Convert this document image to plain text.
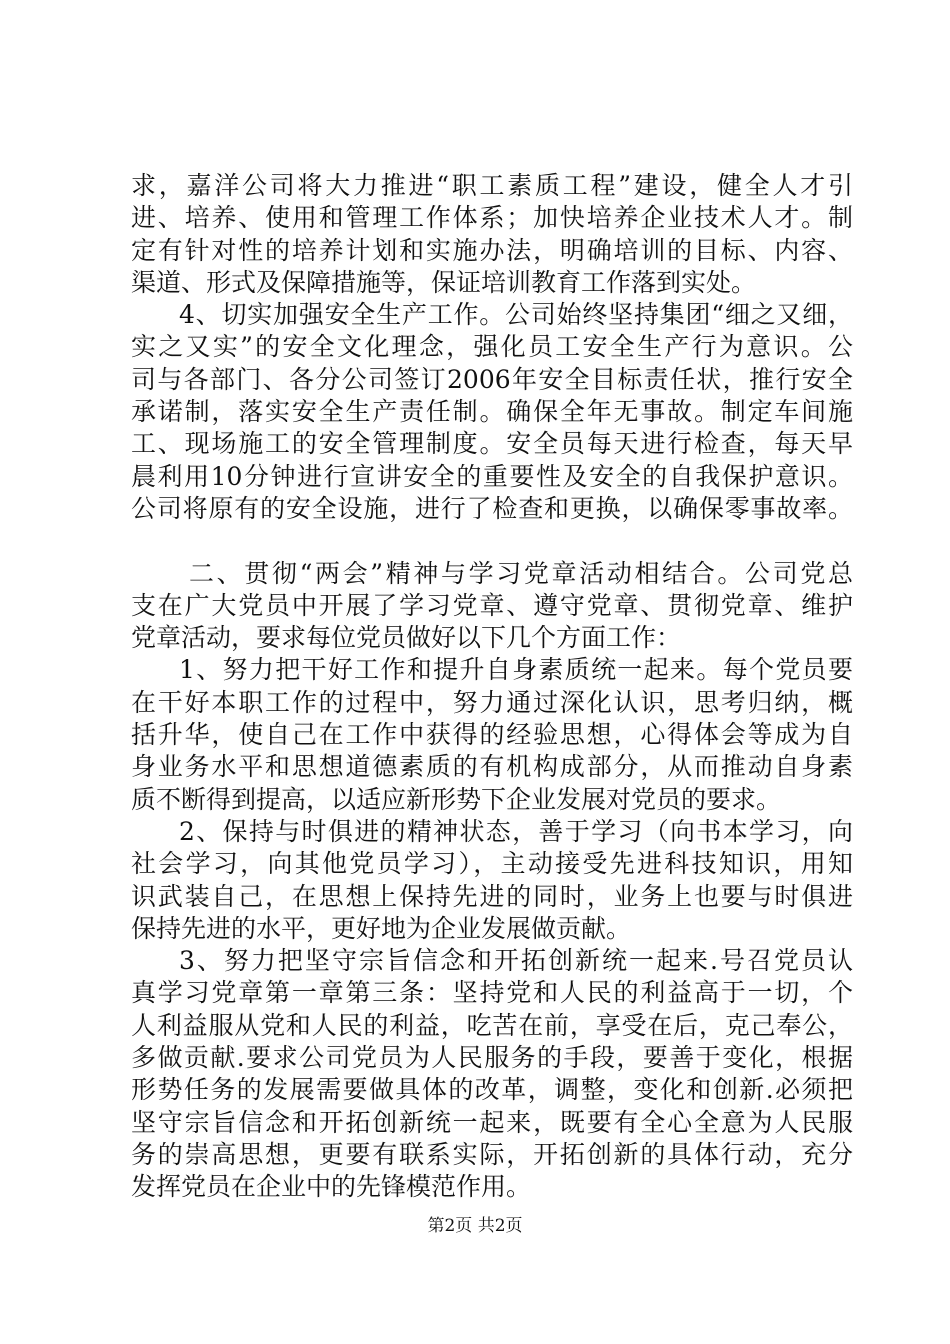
求，嘉洋公司将大力推进“职工素质工程”建设，健全人才引
进、培养、使用和管理工作体系；加快培养企业技术人才。制
定有针对性的培养计划和实施办法，明确培训的目标、内容、
渠道、形式及保障措施等，保证培训教育工作落到实处。
4、切实加强安全生产工作。公司始终坚持集团“细之又细，
实之又实”的安全文化理念，强化员工安全生产行为意识。公
司与各部门、各分公司签订2006年安全目标责任状，推行安全
承诺制，落实安全生产责任制。确保全年无事故。制定车间施
工、现场施工的安全管理制度。安全员每天进行检查，每天早
晨利用10分钟进行宣讲安全的重要性及安全的自我保护意识。
公司将原有的安全设施，进行了检查和更换，以确保零事故率。
二、贯彻“两会”精神与学习党章活动相结合。公司党总
支在广大党员中开展了学习党章、遵守党章、贯彻党章、维护
党章活动，要求每位党员做好以下几个方面工作：
1、努力把干好工作和提升自身素质统一起来。每个党员要
在干好本职工作的过程中，努力通过深化认识，思考归纳，概
括升华，使自己在工作中获得的经验思想，心得体会等成为自
身业务水平和思想道德素质的有机构成部分，从而推动自身素
质不断得到提高，以适应新形势下企业发展对党员的要求。
2、保持与时俱进的精神状态，善于学习（向书本学习，向
社会学习，向其他党员学习），主动接受先进科技知识，用知
识武装自己，在思想上保持先进的同时，业务上也要与时俱进
保持先进的水平，更好地为企业发展做贡献。
3、努力把坚守宗旨信念和开拓创新统一起来.号召党员认
真学习党章第一章第三条：坚持党和人民的利益高于一切，个
人利益服从党和人民的利益，吃苦在前，享受在后，克己奉公，
多做贡献.要求公司党员为人民服务的手段，要善于变化，根据
形势任务的发展需要做具体的改革，调整，变化和创新.必须把
坚守宗旨信念和开拓创新统一起来，既要有全心全意为人民服
务的崇高思想，更要有联系实际，开拓创新的具体行动，充分
发挥党员在企业中的先锋模范作用。
第2页 共2页
